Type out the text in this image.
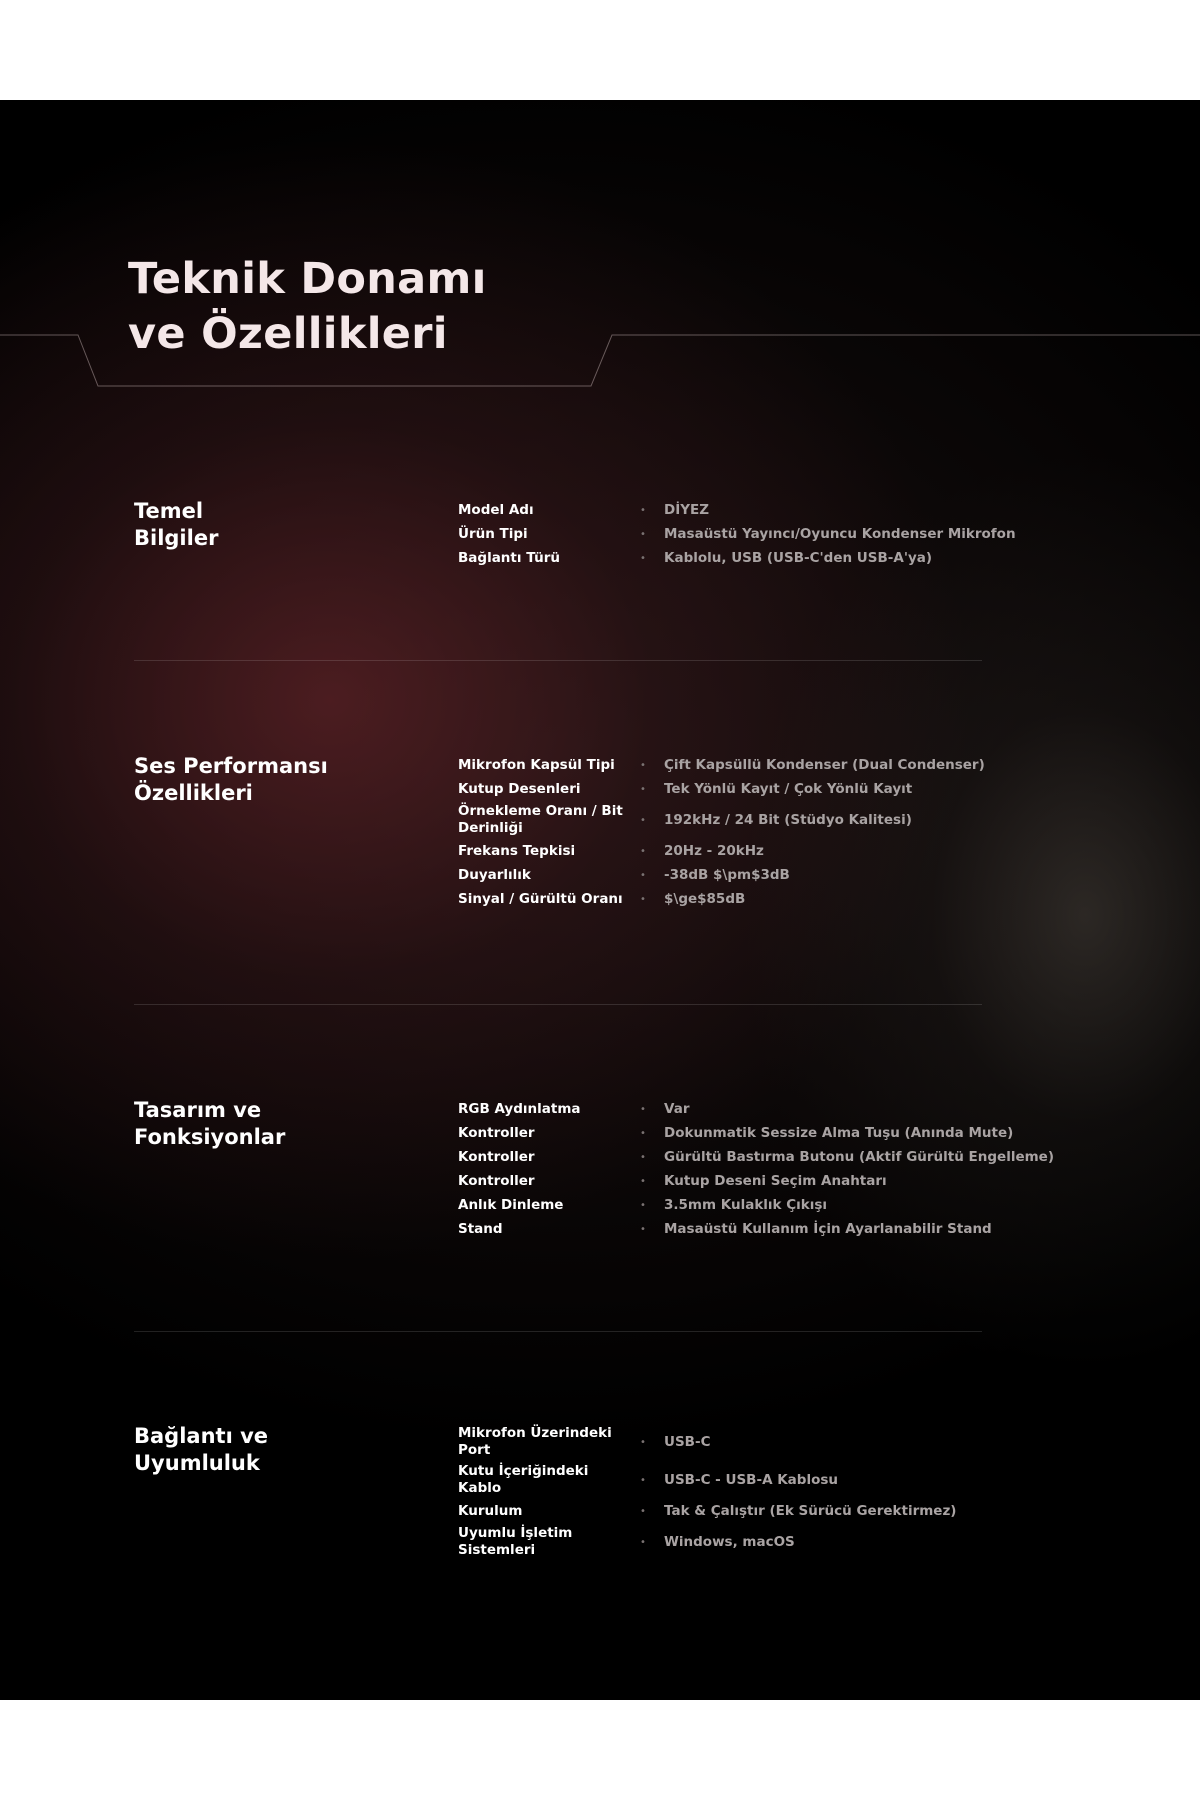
Teknik Donamı
ve Özellikleri
Temel
Bilgiler
Model Adı	•	DİYEZ
Ürün Tipi	•	Masaüstü Yayıncı/Oyuncu Kondenser Mikrofon
Bağlantı Türü	•	Kablolu, USB (USB-C'den USB-A'ya)
Ses Performansı
Özellikleri
Mikrofon Kapsül Tipi	•	Çift Kapsüllü Kondenser (Dual Condenser)
Kutup Desenleri	•	Tek Yönlü Kayıt / Çok Yönlü Kayıt
Örnekleme Oranı / Bit Derinliği	•	192kHz / 24 Bit (Stüdyo Kalitesi)
Frekans Tepkisi	•	20Hz - 20kHz
Duyarlılık	•	-38dB $\pm$3dB
Sinyal / Gürültü Oranı	•	$\ge$85dB
Tasarım ve
Fonksiyonlar
RGB Aydınlatma	•	Var
Kontroller	•	Dokunmatik Sessize Alma Tuşu (Anında Mute)
Kontroller	•	Gürültü Bastırma Butonu (Aktif Gürültü Engelleme)
Kontroller	•	Kutup Deseni Seçim Anahtarı
Anlık Dinleme	•	3.5mm Kulaklık Çıkışı
Stand	•	Masaüstü Kullanım İçin Ayarlanabilir Stand
Bağlantı ve
Uyumluluk
Mikrofon Üzerindeki Port	•	USB-C
Kutu İçeriğindeki Kablo	•	USB-C - USB-A Kablosu
Kurulum	•	Tak & Çalıştır (Ek Sürücü Gerektirmez)
Uyumlu İşletim Sistemleri	•	Windows, macOS
